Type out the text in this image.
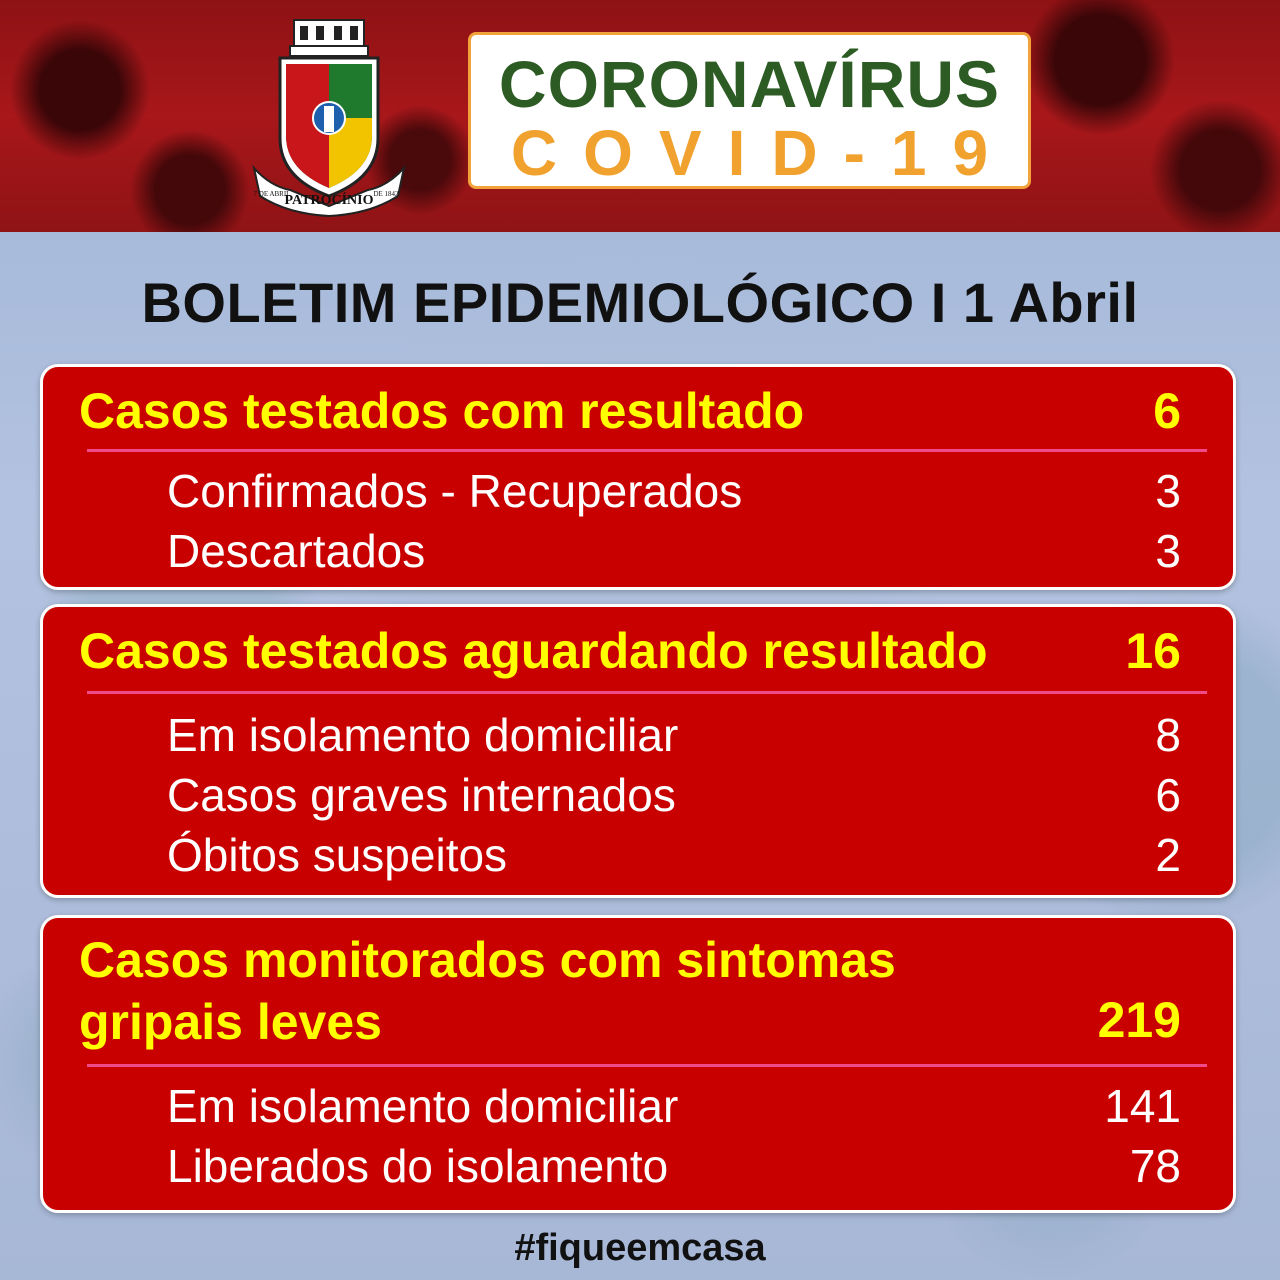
PATROCÍNIO
7 DE ABRIL	DE 1842
CORONAVÍRUS
COVID-19
BOLETIM EPIDEMIOLÓGICO I 1 Abril
Casos testados com resultado	6
Confirmados - Recuperados	3
Descartados	3
Casos testados aguardando resultado	16
Em isolamento domiciliar	8
Casos graves internados	6
Óbitos suspeitos	2
Casos monitorados com sintomas
gripais leves	219
Em isolamento domiciliar	141
Liberados do isolamento	78
#fiqueemcasa
